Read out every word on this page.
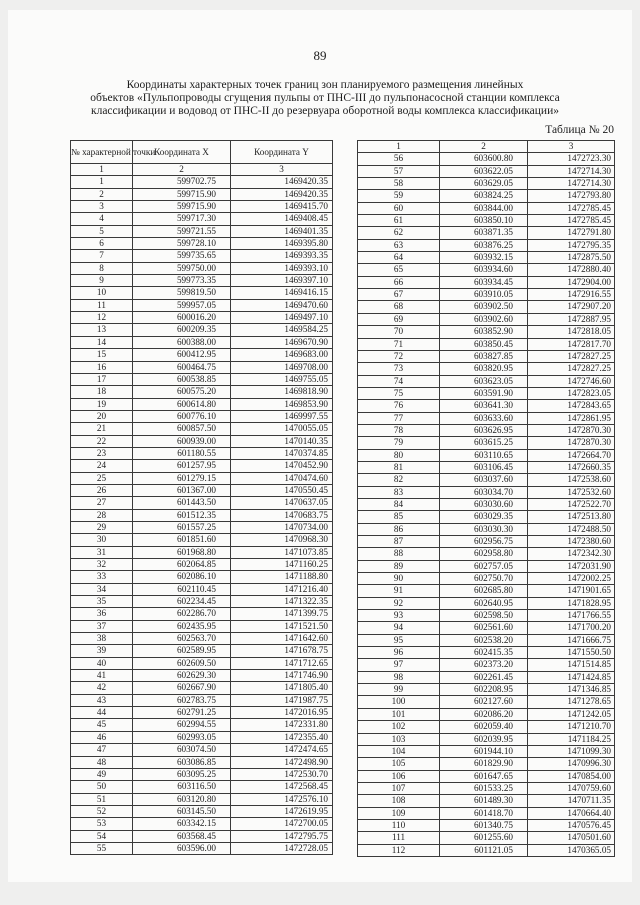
89
Координаты характерных точек границ зон планируемого размещения линейных
объектов «Пульпопроводы сгущения пульпы от ПНС-III до пульпонасосной станции комплекса
классификации и водовод от ПНС-II до резервуара оборотной воды комплекса классификации»
Таблица № 20
№ характерной точки	Координата X	Координата Y
1	2	3
1	599702.75	1469420.35
2	599715.90	1469420.35
3	599715.90	1469415.70
4	599717.30	1469408.45
5	599721.55	1469401.35
6	599728.10	1469395.80
7	599735.65	1469393.35
8	599750.00	1469393.10
9	599773.35	1469397.10
10	599819.50	1469416.15
11	599957.05	1469470.60
12	600016.20	1469497.10
13	600209.35	1469584.25
14	600388.00	1469670.90
15	600412.95	1469683.00
16	600464.75	1469708.00
17	600538.85	1469755.05
18	600575.20	1469818.90
19	600614.80	1469853.90
20	600776.10	1469997.55
21	600857.50	1470055.05
22	600939.00	1470140.35
23	601180.55	1470374.85
24	601257.95	1470452.90
25	601279.15	1470474.60
26	601367.00	1470550.45
27	601443.50	1470637.05
28	601512.35	1470683.75
29	601557.25	1470734.00
30	601851.60	1470968.30
31	601968.80	1471073.85
32	602064.85	1471160.25
33	602086.10	1471188.80
34	602110.45	1471216.40
35	602234.45	1471322.35
36	602286.70	1471399.75
37	602435.95	1471521.50
38	602563.70	1471642.60
39	602589.95	1471678.75
40	602609.50	1471712.65
41	602629.30	1471746.90
42	602667.90	1471805.40
43	602783.75	1471987.75
44	602791.25	1472016.95
45	602994.55	1472331.80
46	602993.05	1472355.40
47	603074.50	1472474.65
48	603086.85	1472498.90
49	603095.25	1472530.70
50	603116.50	1472568.45
51	603120.80	1472576.10
52	603145.50	1472619.95
53	603342.15	1472700.05
54	603568.45	1472795.75
55	603596.00	1472728.05
1	2	3
56	603600.80	1472723.30
57	603622.05	1472714.30
58	603629.05	1472714.30
59	603824.25	1472793.80
60	603844.00	1472785.45
61	603850.10	1472785.45
62	603871.35	1472791.80
63	603876.25	1472795.35
64	603932.15	1472875.50
65	603934.60	1472880.40
66	603934.45	1472904.00
67	603910.05	1472916.55
68	603902.50	1472907.20
69	603902.60	1472887.95
70	603852.90	1472818.05
71	603850.45	1472817.70
72	603827.85	1472827.25
73	603820.95	1472827.25
74	603623.05	1472746.60
75	603591.90	1472823.05
76	603641.30	1472843.65
77	603633.60	1472861.95
78	603626.95	1472870.30
79	603615.25	1472870.30
80	603110.65	1472664.70
81	603106.45	1472660.35
82	603037.60	1472538.60
83	603034.70	1472532.60
84	603030.60	1472522.70
85	603029.35	1472513.80
86	603030.30	1472488.50
87	602956.75	1472380.60
88	602958.80	1472342.30
89	602757.05	1472031.90
90	602750.70	1472002.25
91	602685.80	1471901.65
92	602640.95	1471828.95
93	602598.50	1471766.55
94	602561.60	1471700.20
95	602538.20	1471666.75
96	602415.35	1471550.50
97	602373.20	1471514.85
98	602261.45	1471424.85
99	602208.95	1471346.85
100	602127.60	1471278.65
101	602086.20	1471242.05
102	602059.40	1471210.70
103	602039.95	1471184.25
104	601944.10	1471099.30
105	601829.90	1470996.30
106	601647.65	1470854.00
107	601533.25	1470759.60
108	601489.30	1470711.35
109	601418.70	1470664.40
110	601340.75	1470576.45
111	601255.60	1470501.60
112	601121.05	1470365.05
